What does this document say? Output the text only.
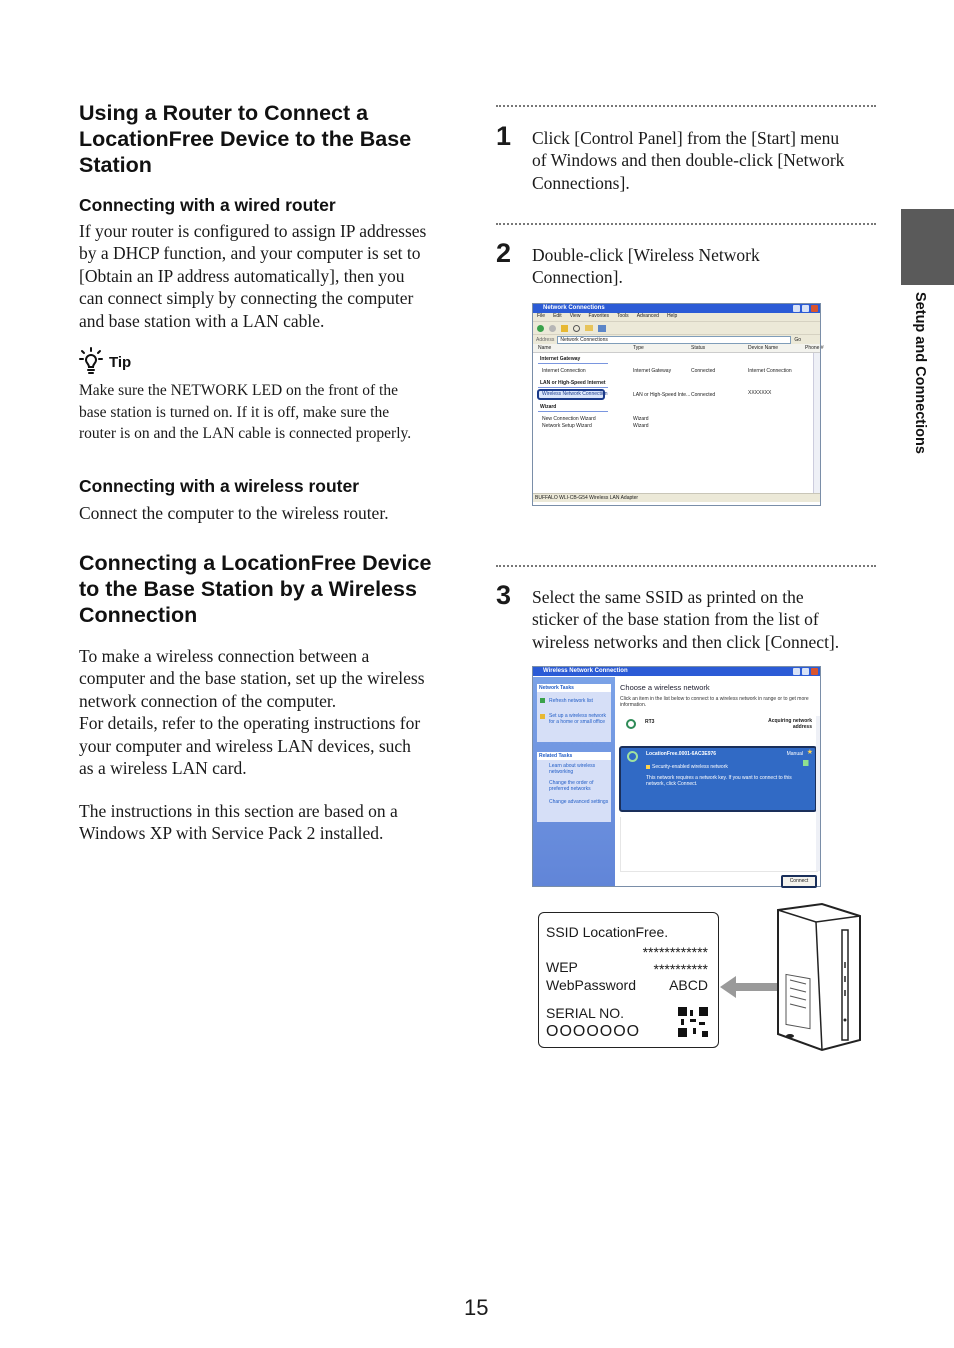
Using a Router to Connect a
LocationFree Device to the Base
Station
Connecting with a wired router
If your router is configured to assign IP addresses
by a DHCP function, and your computer is set to
[Obtain an IP address automatically], then you
can connect simply by connecting the computer
and base station with a LAN cable.
Tip
Make sure the NETWORK LED on the front of the
base station is turned on. If it is off, make sure the
router is on and the LAN cable is connected properly.
Connecting with a wireless router
Connect the computer to the wireless router.
Connecting a LocationFree Device
to the Base Station by a Wireless
Connection
To make a wireless connection between a
computer and the base station, set up the wireless
network connection of the computer.
For details, refer to the operating instructions for
your computer and wireless LAN devices, such
as a wireless LAN card.
The instructions in this section are based on a
Windows XP with Service Pack 2 installed.
1 Click [Control Panel] from the [Start] menu
of Windows and then double-click [Network
Connections].
2 Double-click [Wireless Network
Connection].
Network Connections
File Edit View Favorites Tools Advanced Help
Address	Network Connections	Go
Name	Type	Status	Device Name	Phone #
Internet Gateway
Internet Connection	Internet Gateway	Connected	Internet Connection
LAN or High-Speed Internet
Wireless Network Connection	LAN or High-Speed Inte... Connected	XXXXXXX
Wizard
New Connection Wizard	Wizard
Network Setup Wizard	Wizard
BUFFALO WLI-CB-G54 Wireless LAN Adapter
3 Select the same SSID as printed on the
sticker of the base station from the list of
wireless networks and then click [Connect].
Wireless Network Connection
Network Tasks
Refresh network list
Set up a wireless network for a home or small office
Related Tasks
Learn about wireless networking
Change the order of preferred networks
Change advanced settings
Choose a wireless network
Click an item in the list below to connect to a wireless network in range or to get more information.
RT3	Acquiring network address
LocationFree.0001-6AC3E976	Manual ★
Security-enabled wireless network
This network requires a network key. If you want to connect to this network, click Connect.
Connect
SSID LocationFree.
************
WEP	**********
WebPassword ABCD
SERIAL NO.
OOOOOOO
Setup and Connections
15
